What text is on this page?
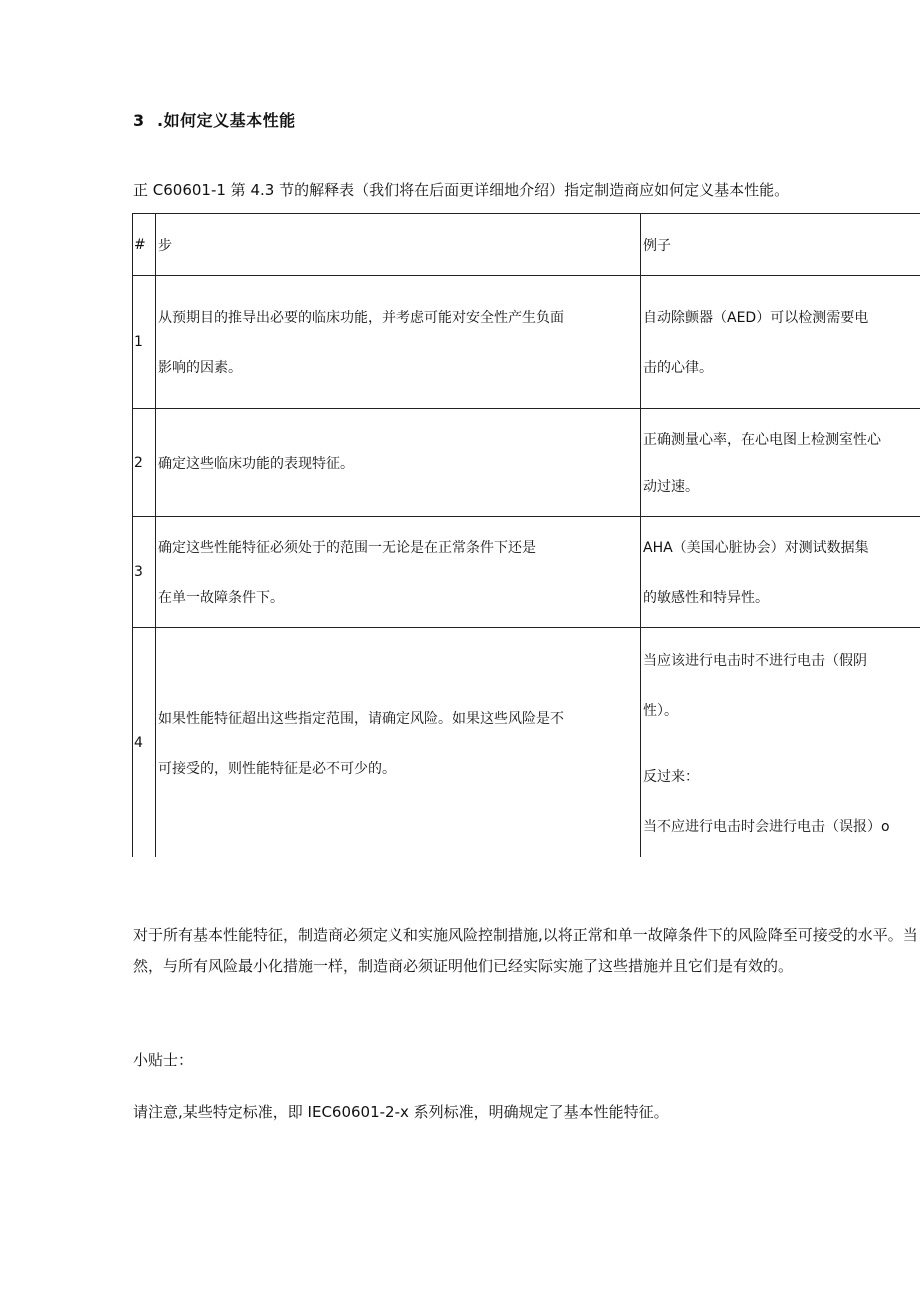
3 .如何定义基本性能
正 C60601-1 第 4.3 节的解释表（我们将在后面更详细地介绍）指定制造商应如何定义基本性能。
#	步	例子
1	从预期目的推导出必要的临床功能，并考虑可能对安全性产生负面
影响的因素。	自动除颤器（AED）可以检测需要电
击的心律。

2	确定这些临床功能的表现特征。	正确测量心率，在心电图上检测室性心
动过速。

3	确定这些性能特征必须处于的范围一无论是在正常条件下还是
在单一故障条件下。	AHA（美国心脏协会）对测试数据集
的敏感性和特异性。

4	如果性能特征超出这些指定范围，请确定风险。如果这些风险是不
可接受的，则性能特征是必不可少的。	当应该进行电击时不进行电击（假阴
性）。
反过来：
当不应进行电击时会进行电击（误报）o
对于所有基本性能特征，制造商必须定义和实施风险控制措施,以将正常和单一故障条件下的风险降至可接受的水平。当然，与所有风险最小化措施一样，制造商必须证明他们已经实际实施了这些措施并且它们是有效的。
小贴士：
请注意,某些特定标准，即 IEC60601-2-x 系列标准，明确规定了基本性能特征。
